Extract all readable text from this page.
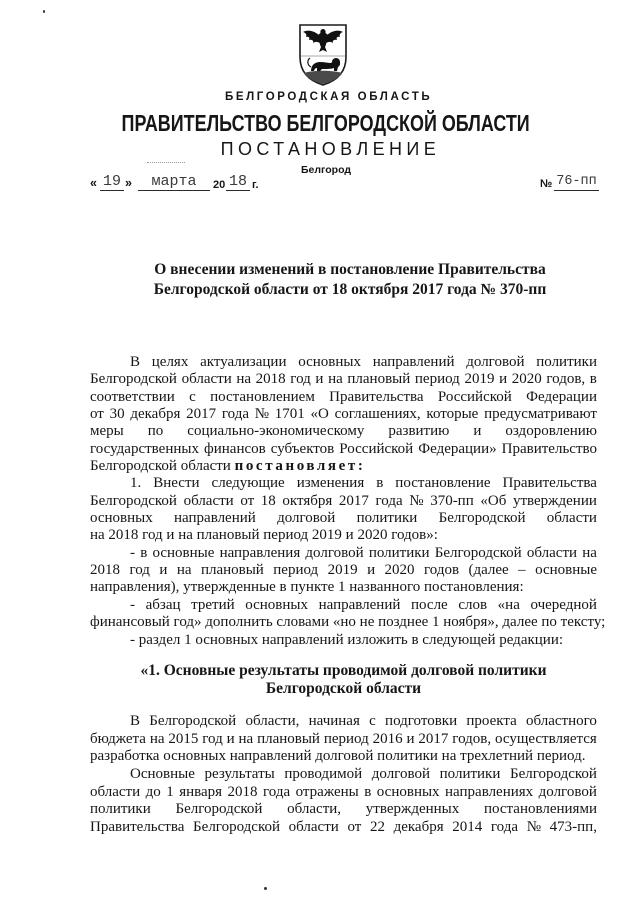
БЕЛГОРОДСКАЯ ОБЛАСТЬ
ПРАВИТЕЛЬСТВО БЕЛГОРОДСКОЙ ОБЛАСТИ
ПОСТАНОВЛЕНИЕ
Белгород
« 19 »	марта	20 18 г.	№ 76-пп
О внесении изменений в постановление Правительства
Белгородской области от 18 октября 2017 года № 370-пп
В целях актуализации основных направлений долговой политики
Белгородской области на 2018 год и на плановый период 2019 и 2020 годов, в
соответствии с постановлением Правительства Российской Федерации
от 30 декабря 2017 года № 1701 «О соглашениях, которые предусматривают
меры по социально-экономическому развитию и оздоровлению
государственных финансов субъектов Российской Федерации» Правительство
Белгородской области постановляет:
1. Внести следующие изменения в постановление Правительства
Белгородской области от 18 октября 2017 года № 370-пп «Об утверждении
основных направлений долговой политики Белгородской области
на 2018 год и на плановый период 2019 и 2020 годов»:
- в основные направления долговой политики Белгородской области на
2018 год и на плановый период 2019 и 2020 годов (далее – основные
направления), утвержденные в пункте 1 названного постановления:
- абзац третий основных направлений после слов «на очередной
финансовый год» дополнить словами «но не позднее 1 ноября», далее по тексту;
- раздел 1 основных направлений изложить в следующей редакции:
«1. Основные результаты проводимой долговой политики
Белгородской области
В Белгородской области, начиная с подготовки проекта областного
бюджета на 2015 год и на плановый период 2016 и 2017 годов, осуществляется
разработка основных направлений долговой политики на трехлетний период.
Основные результаты проводимой долговой политики Белгородской
области до 1 января 2018 года отражены в основных направлениях долговой
политики Белгородской области, утвержденных постановлениями
Правительства Белгородской области от 22 декабря 2014 года № 473-пп,
